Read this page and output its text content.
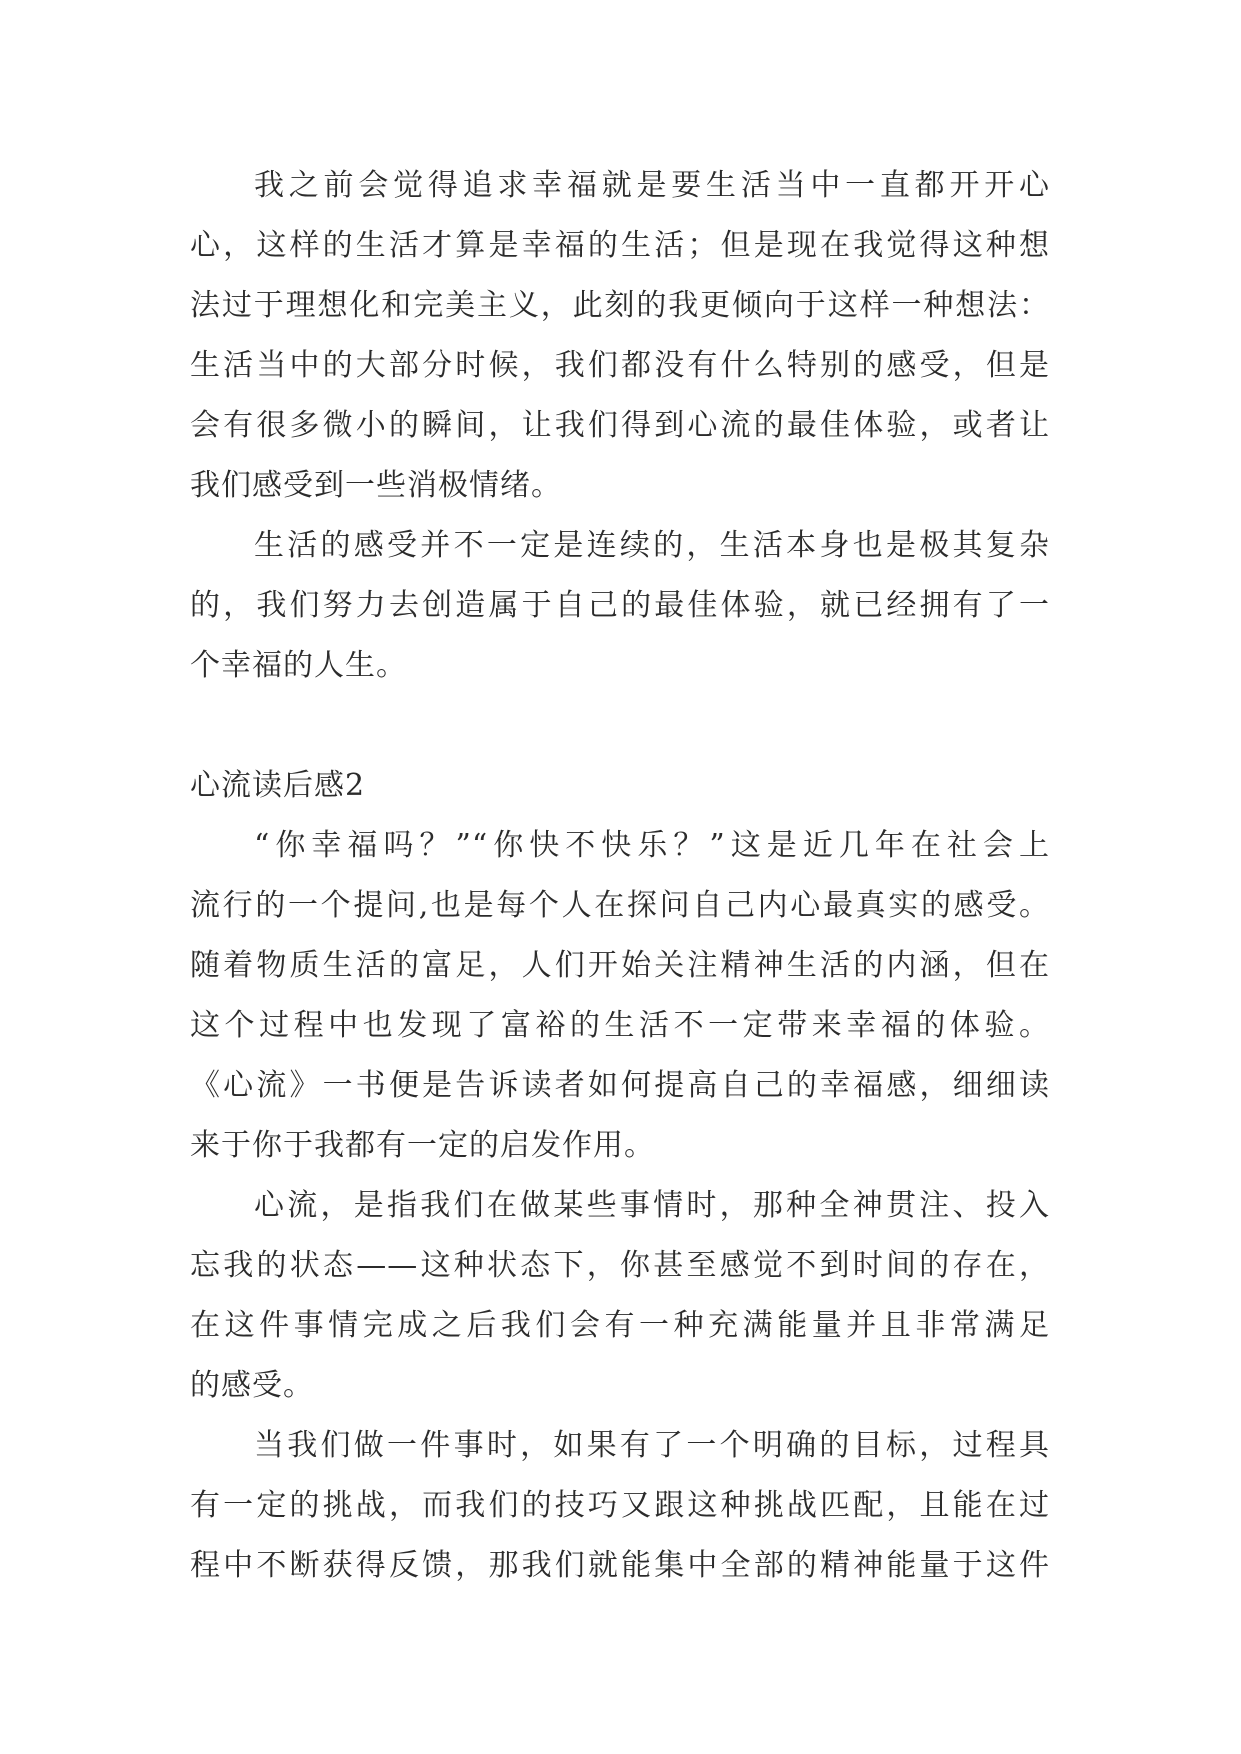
我之前会觉得追求幸福就是要生活当中一直都开开心
心，这样的生活才算是幸福的生活；但是现在我觉得这种想
法过于理想化和完美主义，此刻的我更倾向于这样一种想法：
生活当中的大部分时候，我们都没有什么特别的感受，但是
会有很多微小的瞬间，让我们得到心流的最佳体验，或者让
我们感受到一些消极情绪。
生活的感受并不一定是连续的，生活本身也是极其复杂
的，我们努力去创造属于自己的最佳体验，就已经拥有了一
个幸福的人生。
心流读后感2
“你幸福吗？”“你快不快乐？”这是近几年在社会上
流行的一个提问,也是每个人在探问自己内心最真实的感受。
随着物质生活的富足，人们开始关注精神生活的内涵，但在
这个过程中也发现了富裕的生活不一定带来幸福的体验。
《心流》一书便是告诉读者如何提高自己的幸福感，细细读
来于你于我都有一定的启发作用。
心流，是指我们在做某些事情时，那种全神贯注、投入
忘我的状态——这种状态下，你甚至感觉不到时间的存在，
在这件事情完成之后我们会有一种充满能量并且非常满足
的感受。
当我们做一件事时，如果有了一个明确的目标，过程具
有一定的挑战，而我们的技巧又跟这种挑战匹配，且能在过
程中不断获得反馈，那我们就能集中全部的精神能量于这件
